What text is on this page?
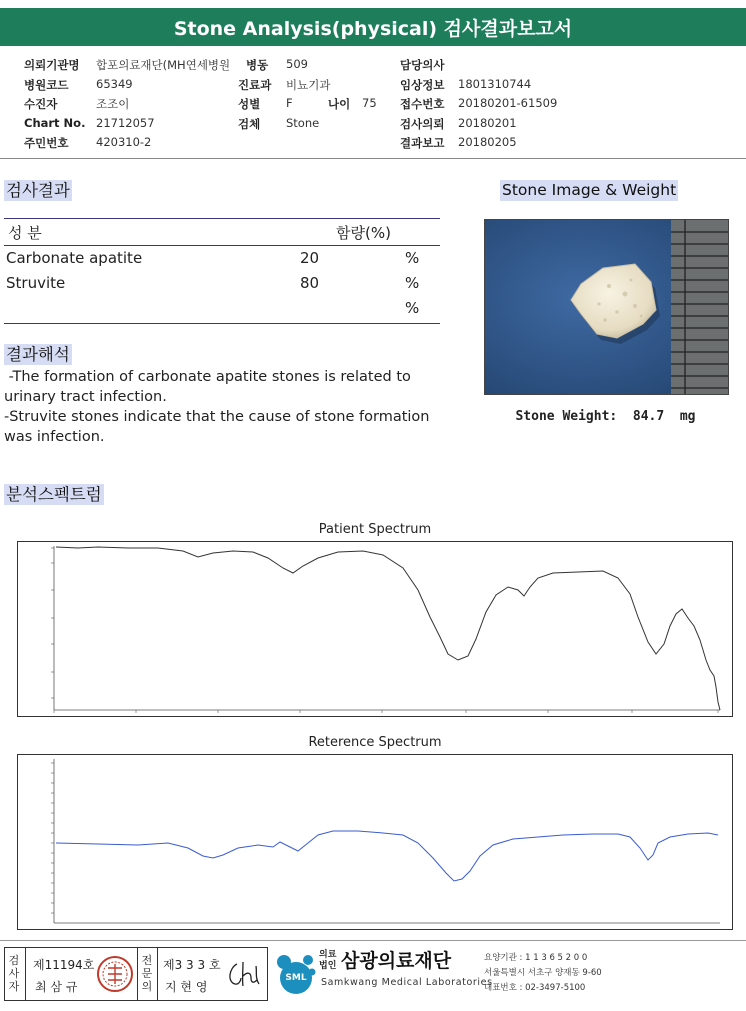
Stone Analysis(physical) 검사결과보고서
의뢰기관명 합포의료재단(MH연세병원 병동 509	담당의사
병원코드 65349	진료과 비뇨기과	임상정보 1801310744
수진자	조조이	성별 F	나이 75 접수번호 20180201-61509
Chart No. 21712057	검체 Stone	검사의뢰 20180201
주민번호 420310-2	결과보고 20180205
검사결과
성 분	함량(%)
Carbonate apatite	20	%
Struvite	80	%
%
Stone Image & Weight
Stone Weight:  84.7  mg
결과해석
-The formation of carbonate apatite stones is related to
urinary tract infection.
-Struvite stones indicate that the cause of stone formation
was infection.
분석스펙트럼
Patient Spectrum
Reterence Spectrum
검사자
제11194호
최 삼 규
전문의
제3 3 3 호
지 현 영
SML
의료
법인 삼광의료재단
Samkwang Medical Laboratories
요양기관 : 1 1 3 6 5 2 0 0
서울특별시 서초구 양재동 9-60
대표번호 : 02-3497-5100
